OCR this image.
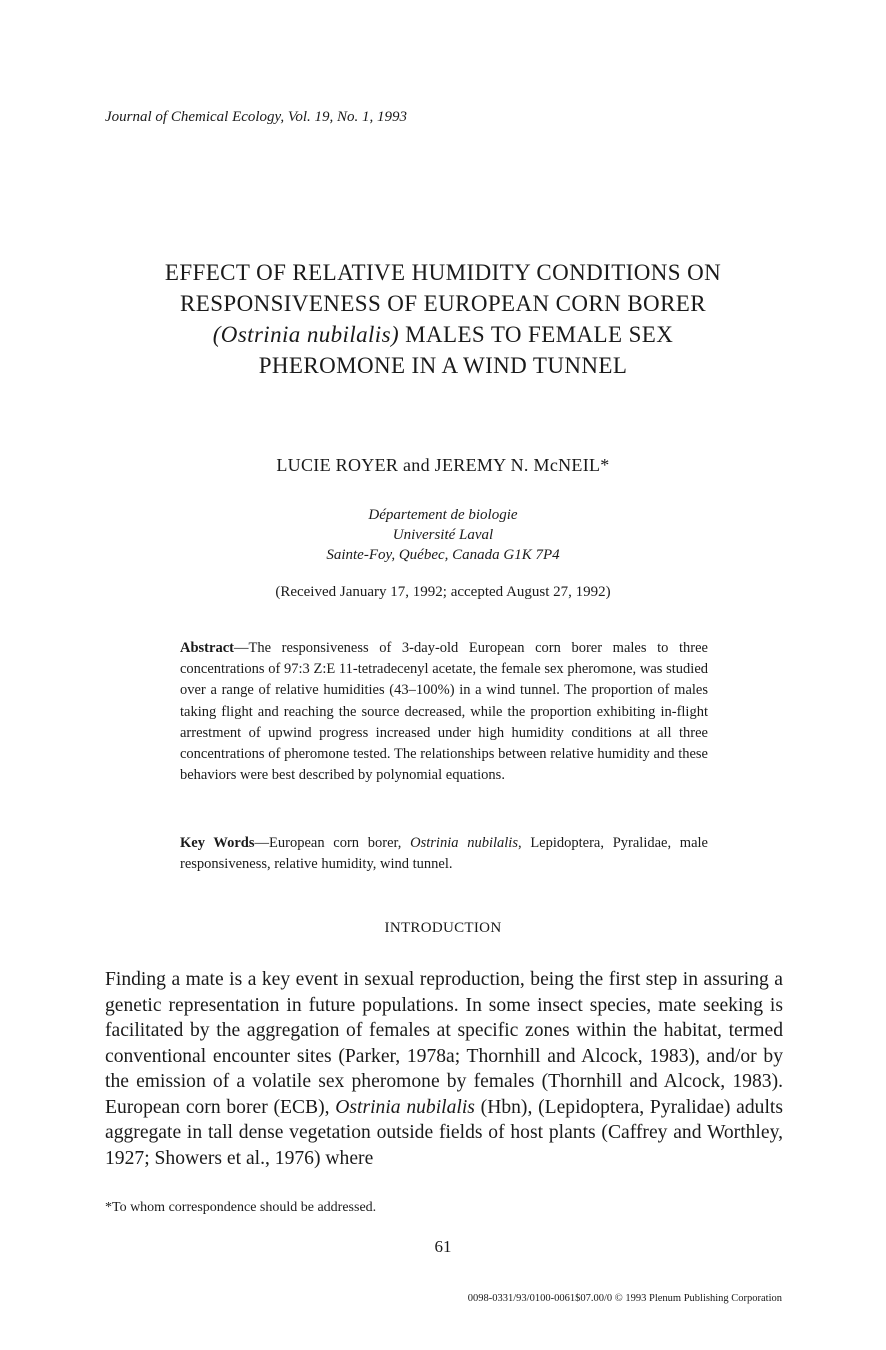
Journal of Chemical Ecology, Vol. 19, No. 1, 1993
EFFECT OF RELATIVE HUMIDITY CONDITIONS ON
RESPONSIVENESS OF EUROPEAN CORN BORER
(Ostrinia nubilalis) MALES TO FEMALE SEX
PHEROMONE IN A WIND TUNNEL
LUCIE ROYER and JEREMY N. McNEIL*
Département de biologie
Université Laval
Sainte-Foy, Québec, Canada G1K 7P4
(Received January 17, 1992; accepted August 27, 1992)
Abstract—The responsiveness of 3-day-old European corn borer males to three concentrations of 97:3 Z:E 11-tetradecenyl acetate, the female sex pheromone, was studied over a range of relative humidities (43–100%) in a wind tunnel. The proportion of males taking flight and reaching the source decreased, while the proportion exhibiting in-flight arrestment of upwind progress increased under high humidity conditions at all three concentrations of pheromone tested. The relationships between relative humidity and these behaviors were best described by polynomial equations.
Key Words—European corn borer, Ostrinia nubilalis, Lepidoptera, Pyralidae, male responsiveness, relative humidity, wind tunnel.
INTRODUCTION
Finding a mate is a key event in sexual reproduction, being the first step in assuring a genetic representation in future populations. In some insect species, mate seeking is facilitated by the aggregation of females at specific zones within the habitat, termed conventional encounter sites (Parker, 1978a; Thornhill and Alcock, 1983), and/or by the emission of a volatile sex pheromone by females (Thornhill and Alcock, 1983). European corn borer (ECB), Ostrinia nubilalis (Hbn), (Lepidoptera, Pyralidae) adults aggregate in tall dense vegetation outside fields of host plants (Caffrey and Worthley, 1927; Showers et al., 1976) where
*To whom correspondence should be addressed.
61
0098-0331/93/0100-0061$07.00/0 © 1993 Plenum Publishing Corporation
